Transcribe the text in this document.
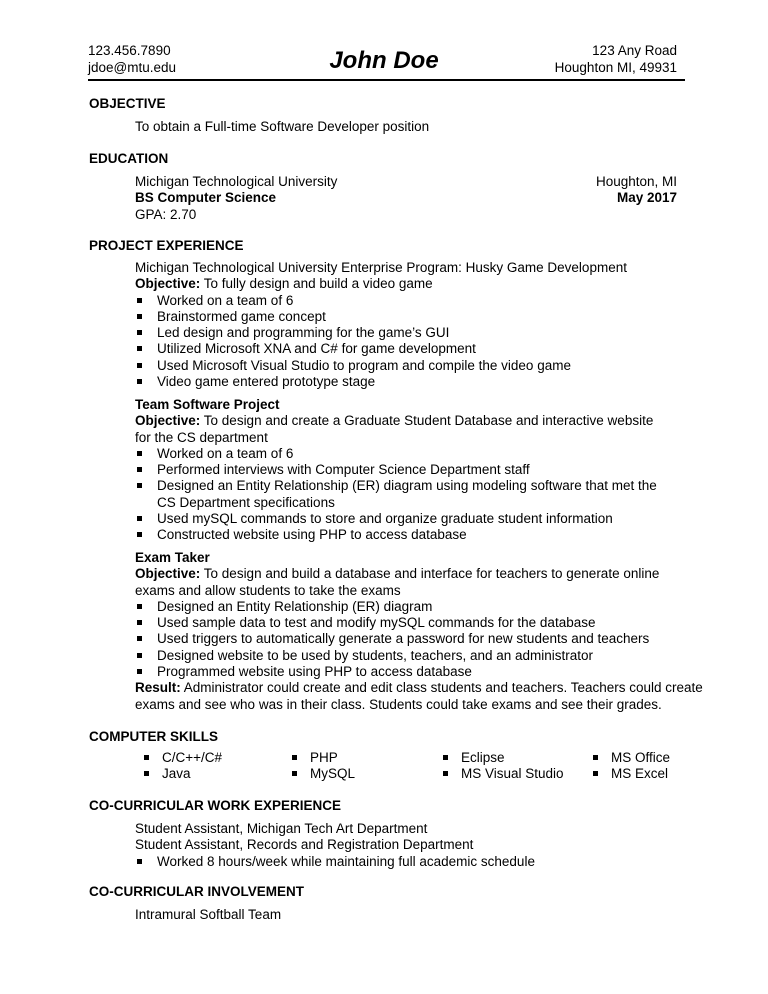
123.456.7890
jdoe@mtu.edu	John Doe	123 Any Road
Houghton MI, 49931
OBJECTIVE
To obtain a Full-time Software Developer position
EDUCATION
Michigan Technological University
BS Computer Science
GPA: 2.70
Houghton, MI
May 2017
PROJECT EXPERIENCE
Michigan Technological University Enterprise Program: Husky Game Development
Objective: To fully design and build a video game
Worked on a team of 6
Brainstormed game concept
Led design and programming for the game’s GUI
Utilized Microsoft XNA and C# for game development
Used Microsoft Visual Studio to program and compile the video game
Video game entered prototype stage
Team Software Project
Objective: To design and create a Graduate Student Database and interactive website
for the CS department
Worked on a team of 6
Performed interviews with Computer Science Department staff
Designed an Entity Relationship (ER) diagram using modeling software that met the
CS Department specifications
Used mySQL commands to store and organize graduate student information
Constructed website using PHP to access database
Exam Taker
Objective: To design and build a database and interface for teachers to generate online
exams and allow students to take the exams
Designed an Entity Relationship (ER) diagram
Used sample data to test and modify mySQL commands for the database
Used triggers to automatically generate a password for new students and teachers
Designed website to be used by students, teachers, and an administrator
Programmed website using PHP to access database
Result: Administrator could create and edit class students and teachers. Teachers could create
exams and see who was in their class. Students could take exams and see their grades.
COMPUTER SKILLS
C/C++/C#
Java
PHP
MySQL
Eclipse
MS Visual Studio
MS Office
MS Excel
CO-CURRICULAR WORK EXPERIENCE
Student Assistant, Michigan Tech Art Department
Student Assistant, Records and Registration Department
Worked 8 hours/week while maintaining full academic schedule
CO-CURRICULAR INVOLVEMENT
Intramural Softball Team
